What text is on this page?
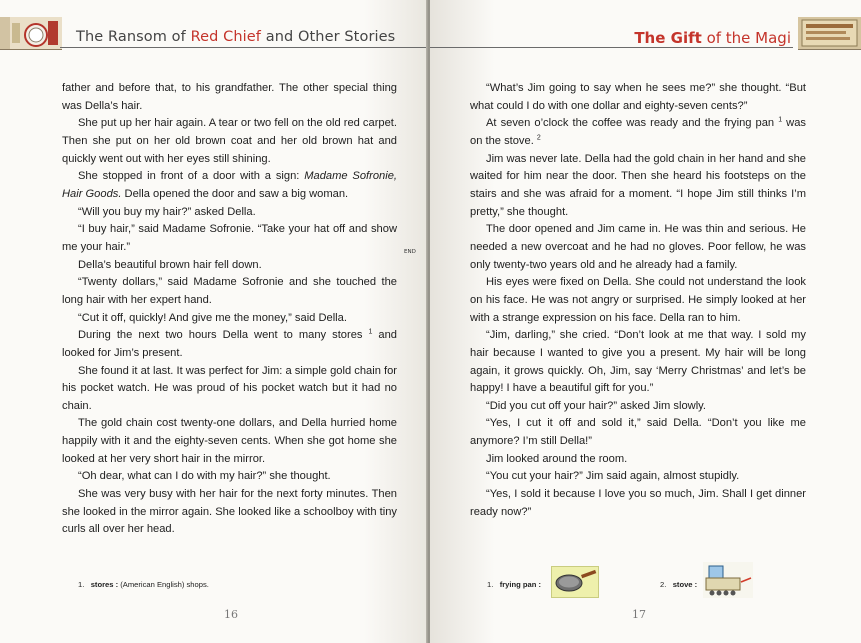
The Ransom of Red Chief and Other Stories

father and before that, to his grandfather. The other special thing was Della’s hair.

She put up her hair again. A tear or two fell on the old red carpet. Then she put on her old brown coat and her old brown hat and quickly went out with her eyes still shining.

She stopped in front of a door with a sign: Madame Sofronie, Hair Goods. Della opened the door and saw a big woman.

“Will you buy my hair?” asked Della.

“I buy hair,” said Madame Sofronie. “Take your hat off and show me your hair.”

Della’s beautiful brown hair fell down.

“Twenty dollars,” said Madame Sofronie and she touched the long hair with her expert hand.

“Cut it off, quickly! And give me the money,” said Della.

During the next two hours Della went to many stores $^1$ and looked for Jim’s present.

She found it at last. It was perfect for Jim: a simple gold chain for his pocket watch. He was proud of his pocket watch but it had no chain.

The gold chain cost twenty-one dollars, and Della hurried home happily with it and the eighty-seven cents. When she got home she looked at her very short hair in the mirror.

“Oh dear, what can I do with my hair?” she thought.

She was very busy with her hair for the next forty minutes. Then she looked in the mirror again. She looked like a schoolboy with tiny curls all over her head.

END
1. stores : (American English) shops.
16
The Gift of the Magi

“What’s Jim going to say when he sees me?” she thought. “But what could I do with one dollar and eighty-seven cents?”

At seven o’clock the coffee was ready and the frying pan $^1$ was on the stove. $^2$

Jim was never late. Della had the gold chain in her hand and she waited for him near the door. Then she heard his footsteps on the stairs and she was afraid for a moment. “I hope Jim still thinks I’m pretty,” she thought.

The door opened and Jim came in. He was thin and serious. He needed a new overcoat and he had no gloves. Poor fellow, he was only twenty-two years old and he already had a family.

His eyes were fixed on Della. She could not understand the look on his face. He was not angry or surprised. He simply looked at her with a strange expression on his face. Della ran to him.

“Jim, darling,” she cried. “Don’t look at me that way. I sold my hair because I wanted to give you a present. My hair will be long again, it grows quickly. Oh, Jim, say ‘Merry Christmas’ and let’s be happy! I have a beautiful gift for you.”

“Did you cut off your hair?” asked Jim slowly.

“Yes, I cut it off and sold it,” said Della. “Don’t you like me anymore? I’m still Della!”

Jim looked around the room.

“You cut your hair?” Jim said again, almost stupidly.

“Yes, I sold it because I love you so much, Jim. Shall I get dinner ready now?”

1. frying pan :	2. stove :
17
